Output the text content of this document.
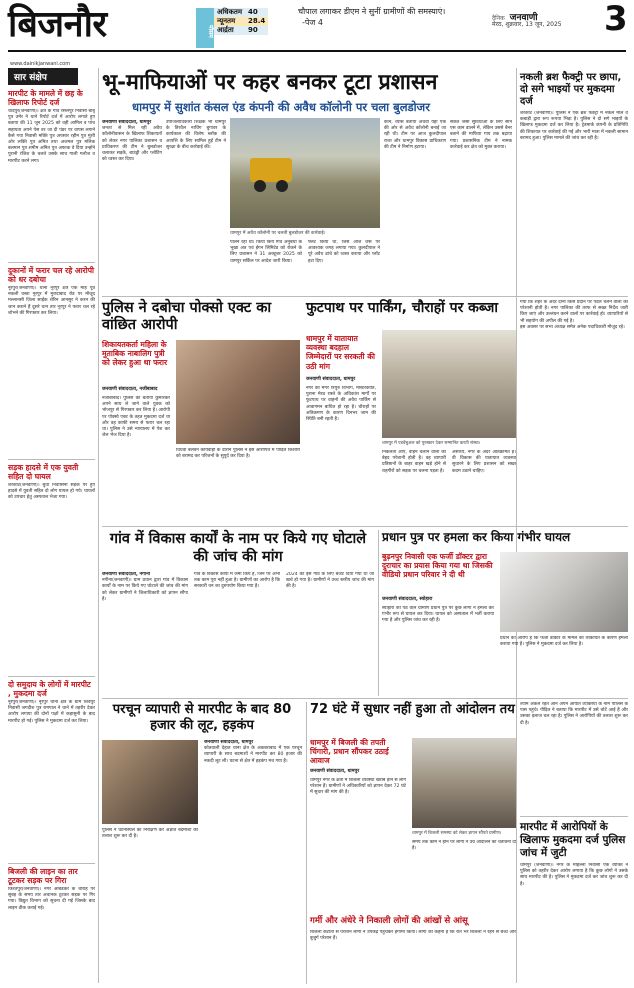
बिजनौर	मौसम
अधिकतम	40
न्यूनतम	28.4
आर्द्रता	90
चौपाल लगाकर डीएम ने सुनीं ग्रामीणों की समस्याएं। -पेज 4	दैनिक जनवाणी
मेरठ, शुक्रवार, 13 जून, 2025 3
www.dainikjanwani.com
सार संक्षेप
मारपीट के मामले में छह के खिलाफ रिपोर्ट दर्ज
चांदपुर(जनवाणी)। क्षेत्र के गांव रसलपुर निवासी बाबू पुत्र उमेर ने थाने रिपोर्ट दर्ज में आरोप लगाते हुए बताया की 11 जून 2025 को वही आमिल व पांच सहायता अपने पेस वर जा दी पंडर पर वापस लगाने कैसे गया निवासी मक्ति पुत्र अपसार रहीम पुत्र मुंशी ओर लक्ति पुत्र अमित तथा अजमल पुत्र मलिक बलमान पुत्र शमीम अमित पुत्र अफाक वे दिया उन्होंने पुरानी रंजिश के चलते उसके साथ गाली गलौज व मारपीट करने लगा।
दुकानों में फरार चल रहे आरोपी को धर दबोचा
नूरपुर(जनवाणी)। थाना नूरपुर क्षेत्र एक माह पूर्व नकली वस्ता नूरपुर में मुरादाबाद रोड पर मौजूद मल्लानसी ज़िला साईक शेरिन आनसुर ने करन की जान कराने हैं दूसरे थान तार नूरपुर ने फरार चल रहे शोभने की गिरफ्तार कर लिया।
सड़क हादसे में एक युवती सहित दो घायल
शेरकोट(जनवाणी)। बुधा निवासिनी सड़क पर हुए हादसे में युवती सहित दो लोग घायल हो गये। घायलों को उपचार हेतु अस्पताल भेजा गया।
दो समुदाय के लोगों में मारपीट , मुकदमा दर्ज
नूरपुर(जनवाणी)। नूरपुर थाना क्षेत्र के ग्राम शिवपुर निवासी जगदीश पुत्र रामपाल ने थाने में तहरीर देकर आरोप लगाया की दोनों पक्षों में कहासुनी के बाद मारपीट हो गई। पुलिस ने मुकदमा दर्ज कर लिया।
बिजली की लाइन का तार टूटकर सड़क पर गिरा
किरतपुर(जनवाणी)। नगर ऑंबेडकर के चौराहे पर सुबह के समय तार अचानक टूटकर सड़क पर गिर गया। विद्युत विभाग को सूचना दी गई जिसके बाद लाइन ठीक कराई गई।
भू-माफियाओं पर कहर बनकर टूटा प्रशासन
धामपुर में सुशांत कंसल एंड कंपनी की अवैध कॉलोनी पर चला बुलडोजर
जनवाणी संवाददाता, धामपुर
जनता से मिल रही अवैध कॉलोनीवासन के खिलाफ शिकायतों को लेकर नगर पालिका प्रशासन व प्राधिकरण की टीम ने बुलडोजर चलाकर सड़कें, बाउंड्री और प्लॉटिंग को ध्वस्त कर दिया।
उपजिलाधिकारी शिक्षक भी धामपुर के तिरवैल नाथिंग बुगावर के कार्यकाल की विशेष ब्लॉक की आपत्ति के लिए सामिल हुई टीम ने सुरक्षा के बीच कार्रवाई की।
धामपुर में अवैध कॉलोनी पर चलती बुलडोजर की कार्रवाई।
पालन रहो थी। किया किये गिव अनुबंधी के भूखा अत एवं ईगन लिमिटेड को रोकने के लिए प्रशासन ने 31 अक्टूबर 2025 को धामपुर सर्किल पर आदेश जारी किया।
फ्लैट किया था, जिसे आज जैसे पर आवश्यक जगह लगाया गया। कुलदीपाल ने पूरे अवैध ढांचे को ध्वस्त कराया और प्लॉट हटा दिए।
कौन, व्यास बताया अथवा यहां एक की ओर से अवैध कॉलोनी बनाई जा रही थी। टीम पर आज कुलदीपाल राजा और धामपुर विकास प्राधिकरण की टीम ने निर्माण हटाया।
संकेत जैसी सुविधाओं के लिए सोन एस कान डालने में, लेकिन उससे बैनर बताने की माफिया गाय तक बढ़ाया गया। प्रशासनिक टीम ने नामक कार्रवाई कर क्षेत्र को मुक्त कराया।
नकली ब्रश फैक्ट्री पर छापा, दो सगे भाइयों पर मुकदमा दर्ज
शेरकोट (जनवाणी)। पुलिस ने एक ब्रश फैक्ट्री में नकल माल व कबाड़ी द्वारा रूप रूपया भिड़ा है। पुलिस ने दो सगे भाइयों के खिलाफ मुकदमा दर्ज कर लिया है। ट्रेडमार्क कंपनी के प्रतिनिधि की शिकायत पर कार्रवाई की गई और भारी मात्रा में नकली सामान बरामद हुआ। पुलिस मामले की जांच कर रही है।
पुलिस ने दबोचा पोक्सो एक्ट का वांछित आरोपी
शिकायतकर्ता महिला के मुताबिक नाबालिग पुत्री को लेकर हुआ था फरार
जनवाणी संवाददाता, नजीबाबाद
नजीबाबाद। पुलिस को बताया कुमारेकर अपने साथ ले जाने वाले युवक को भोजपुर से गिरफ्तार कर लिया है। आरोपी पर पोक्सो एक्ट के तहत मुकदमा दर्ज था और वह काफी समय से फरार चल रहा था। पुलिस ने उसे न्यायालय में पेश कर जेल भेज दिया है।
विधवा बलवन कार्यवाही के दौरान पुलिस ने इस आरोपित में पीड़ित किशोरी को बरामद कर परिजनों के सुपुर्द कर दिया है।
फुटपाथ पर पार्किंग, चौराहों पर कब्जा
धामपुर में यातायात व्यवस्था बदहाल जिम्मेदारों पर सरकती की उठी मांग
जनवाणी संवाददाता, धामपुर
नगर की मंगर त्रिपुरु विभाग, मास्टरकांति, पुराना मेरठ रास्ते के अधिकांश मार्गों पर फुटपाथ पर वाहनों की अवैध पार्किंग से आवागमन बाधित हो रहा है। चौराहों पर अतिक्रमण के कारण दिनभर जाम की स्थिति बनी रहती है।
धामपुर में एडवेंचुअल को पुरस्कार देकर सम्मानित करती संस्था।
निकलता आए, वाहन चलाने वालों को बेहद परेशानी होती है। वह व्यापारी प्रतिष्ठानों के बाहर वाहन खड़े होने से राहगीरों को सड़क पर चलना पड़ता है।
असाध्य, नगर के अंदर अतिक्रमित है। वी विकास की यातायात व्यवस्था सुधारने के लिए प्रशासन को सख्त कदम उठाने चाहिए।
गया कि शहर के अंदर दोनों किसे प्रदान पर पैदल चलने वालों को परेशानी होती है। नगर पालिका की तरफ से सख्त निर्देश जारी किए जाएं और उल्लंघन करने वालों पर कार्रवाई हो। व्यापारियों से भी सहयोग की अपील की गई है।
इस अवसर पर सभा अध्यक्ष समेत अनेक पदाधिकारी मौजूद रहे।
गांव में विकास कार्यों के नाम पर किये गए घोटाले की जांच की मांग
जनवाणी संवाददाता, नगीना
नगीना(जनवाणी)। ग्राम प्रधान द्वारा गांव में विकास कार्यों के नाम पर किये गए घोटाले की जांच की मांग को लेकर ग्रामीणों ने जिलाधिकारी को ज्ञापन सौंपा है।
गांव के विकास कार्यों में जमा किये हैं, जिन पर अभी तक काम पूरा नहीं हुआ है। ग्रामीणों का आरोप है कि सरकारी धन का दुरुपयोग किया गया है।
2024 को इस गांव के लिए बजट दिया गया था जो खर्च हो गया है। ग्रामीणों ने उच्च स्तरीय जांच की मांग की है।
प्रधान पुत्र पर हमला कर किया गंभीर घायल
बुढ़नपुर निवासी एक फर्जी डॉक्टर द्वारा दुराचार का प्रयास किया गया था जिसकी वीडियो प्रधान परिवार ने दी थी
जनवाणी संवाददाता, स्योहारा
स्योहारा की पैठ वाले ग्रामीण प्रधान पुत्र पर कुछ लोगों ने हमला कर गंभीर रूप से घायल कर दिया। घायल को अस्पताल में भर्ती कराया गया है और पुलिस जांच कर रही है।
प्रधान का आरोप है कि फर्जी डॉक्टर के मामले की शिकायत के कारण हमला कराया गया है। पुलिस ने मुकदमा दर्ज कर लिया है।
परचून व्यापारी से मारपीट के बाद 80 हजार की लूट, हड़कंप
जनवाणी संवाददाता, धामपुर
कोतवाली देहात थाना क्षेत्र के अकबराबाद में एक परचून व्यापारी के साथ बदमाशों ने मारपीट कर 80 हजार की नकदी लूट ली। घटना से क्षेत्र में हड़कंप मच गया है।
पुलिस ने घटनास्थल का निरीक्षण कर अज्ञात बदमाशों की तलाश शुरू कर दी है।
72 घंटे में सुधार नहीं हुआ तो आंदोलन तय
धामपुर में बिजली की तपती चिंगारी, प्रधान सौंपकर उठाई आवाज
जनवाणी संवाददाता, धामपुर
धामपुर नगर के क्षेत्रों में बिजली व्यवस्था खराब होने से लोग परेशान हैं। ग्रामीणों ने अधिकारियों को ज्ञापन देकर 72 घंटे में सुधार की मांग की है।
धामपुर में बिजली समस्या को लेकर ज्ञापन सौंपते ग्रामीण।
समय तक काम न होने पर लोगों ने उग्र आंदोलन की चेतावनी दी है।
गर्मी और अंधेरे ने निकाली लोगों की आंखों से आंसू
बिजली कटौती से परेशान लोगों ने उपकेंद्र पहुंचकर हंगामा किया। लोगों का कहना है कि रात भर बिजली न रहने से बच्चे और बुजुर्ग परेशान हैं।
श्याम अकेले रहते आने अपने आयात व्यक्तियों के नाम पोलिस के पास पहुंचे। पीड़ित ने बताया कि मारपीट में उसे चोटें आई हैं और उसका इलाज चल रहा है। पुलिस ने आरोपियों की तलाश शुरू कर दी है।
मारपीट में आरोपियों के खिलाफ मुकदमा दर्ज पुलिस जांच में जुटी
धामपुर (जनवाणी)। नगर के मोहल्ला निवासी एक व्यक्ति ने पुलिस को तहरीर देकर आरोप लगाया है कि कुछ लोगों ने उसके साथ मारपीट की है। पुलिस ने मुकदमा दर्ज कर जांच शुरू कर दी है।
